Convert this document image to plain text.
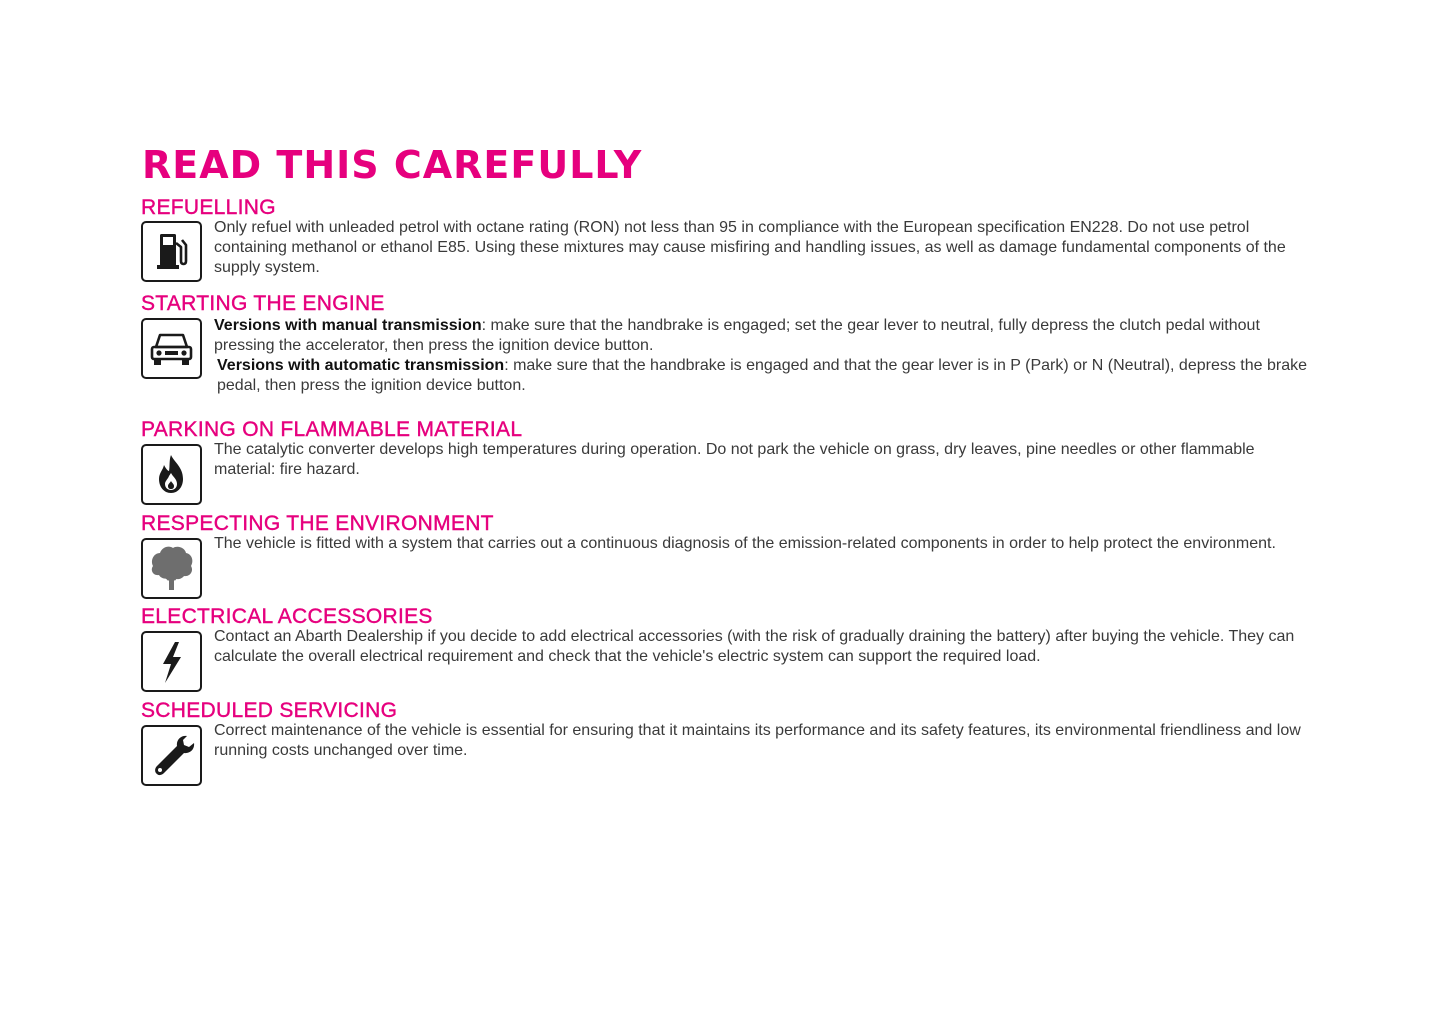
READ THIS CAREFULLY
REFUELLING

Only refuel with unleaded petrol with octane rating (RON) not less than 95 in compliance with the European specification EN228. Do not use petrol containing methanol or ethanol E85. Using these mixtures may cause misfiring and handling issues, as well as damage fundamental components of the supply system.

STARTING THE ENGINE

Versions with manual transmission: make sure that the handbrake is engaged; set the gear lever to neutral, fully depress the clutch pedal without pressing the accelerator, then press the ignition device button.

Versions with automatic transmission: make sure that the handbrake is engaged and that the gear lever is in P (Park) or N (Neutral), depress the brake pedal, then press the ignition device button.

PARKING ON FLAMMABLE MATERIAL

The catalytic converter develops high temperatures during operation. Do not park the vehicle on grass, dry leaves, pine needles or other flammable material: fire hazard.

RESPECTING THE ENVIRONMENT

The vehicle is fitted with a system that carries out a continuous diagnosis of the emission-related components in order to help protect the environment.

ELECTRICAL ACCESSORIES

Contact an Abarth Dealership if you decide to add electrical accessories (with the risk of gradually draining the battery) after buying the vehicle. They can calculate the overall electrical requirement and check that the vehicle's electric system can support the required load.

SCHEDULED SERVICING

Correct maintenance of the vehicle is essential for ensuring that it maintains its performance and its safety features, its environmental friendliness and low running costs unchanged over time.
